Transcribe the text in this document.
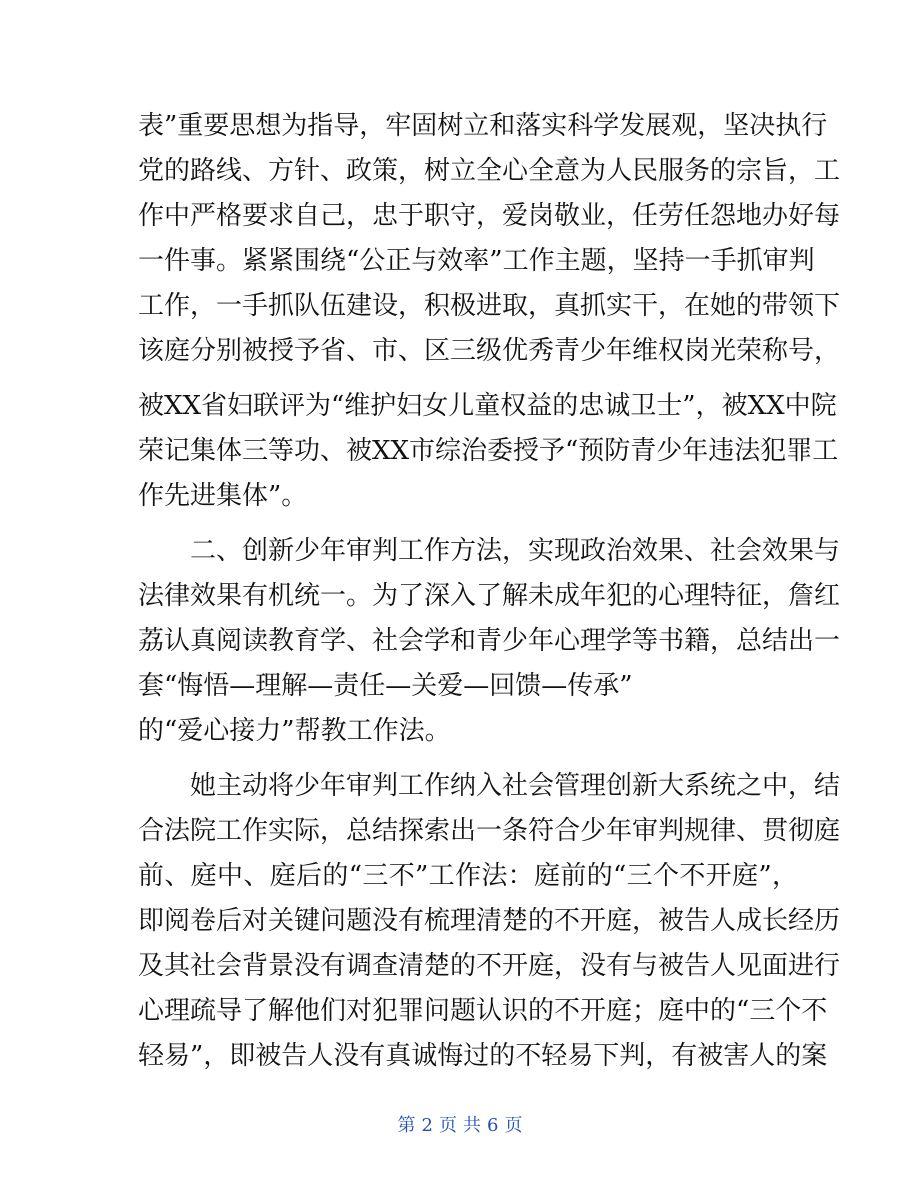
表”重要思想为指导，牢固树立和落实科学发展观，坚决执行
党的路线、方针、政策，树立全心全意为人民服务的宗旨，工
作中严格要求自己，忠于职守，爱岗敬业，任劳任怨地办好每
一件事。紧紧围绕“公正与效率”工作主题，坚持一手抓审判
工作，一手抓队伍建设，积极进取，真抓实干，在她的带领下
该庭分别被授予省、市、区三级优秀青少年维权岗光荣称号，
被XX省妇联评为“维护妇女儿童权益的忠诚卫士”，被XX中院
荣记集体三等功、被XX市综治委授予“预防青少年违法犯罪工
作先进集体”。
二、创新少年审判工作方法，实现政治效果、社会效果与
法律效果有机统一。为了深入了解未成年犯的心理特征，詹红
荔认真阅读教育学、社会学和青少年心理学等书籍，总结出一
套“悔悟—理解—责任—关爱—回馈—传承”
的“爱心接力”帮教工作法。
她主动将少年审判工作纳入社会管理创新大系统之中，结
合法院工作实际，总结探索出一条符合少年审判规律、贯彻庭
前、庭中、庭后的“三不”工作法：庭前的“三个不开庭”，
即阅卷后对关键问题没有梳理清楚的不开庭，被告人成长经历
及其社会背景没有调查清楚的不开庭，没有与被告人见面进行
心理疏导了解他们对犯罪问题认识的不开庭；庭中的“三个不
轻易”，即被告人没有真诚悔过的不轻易下判，有被害人的案
第 2 页 共 6 页
